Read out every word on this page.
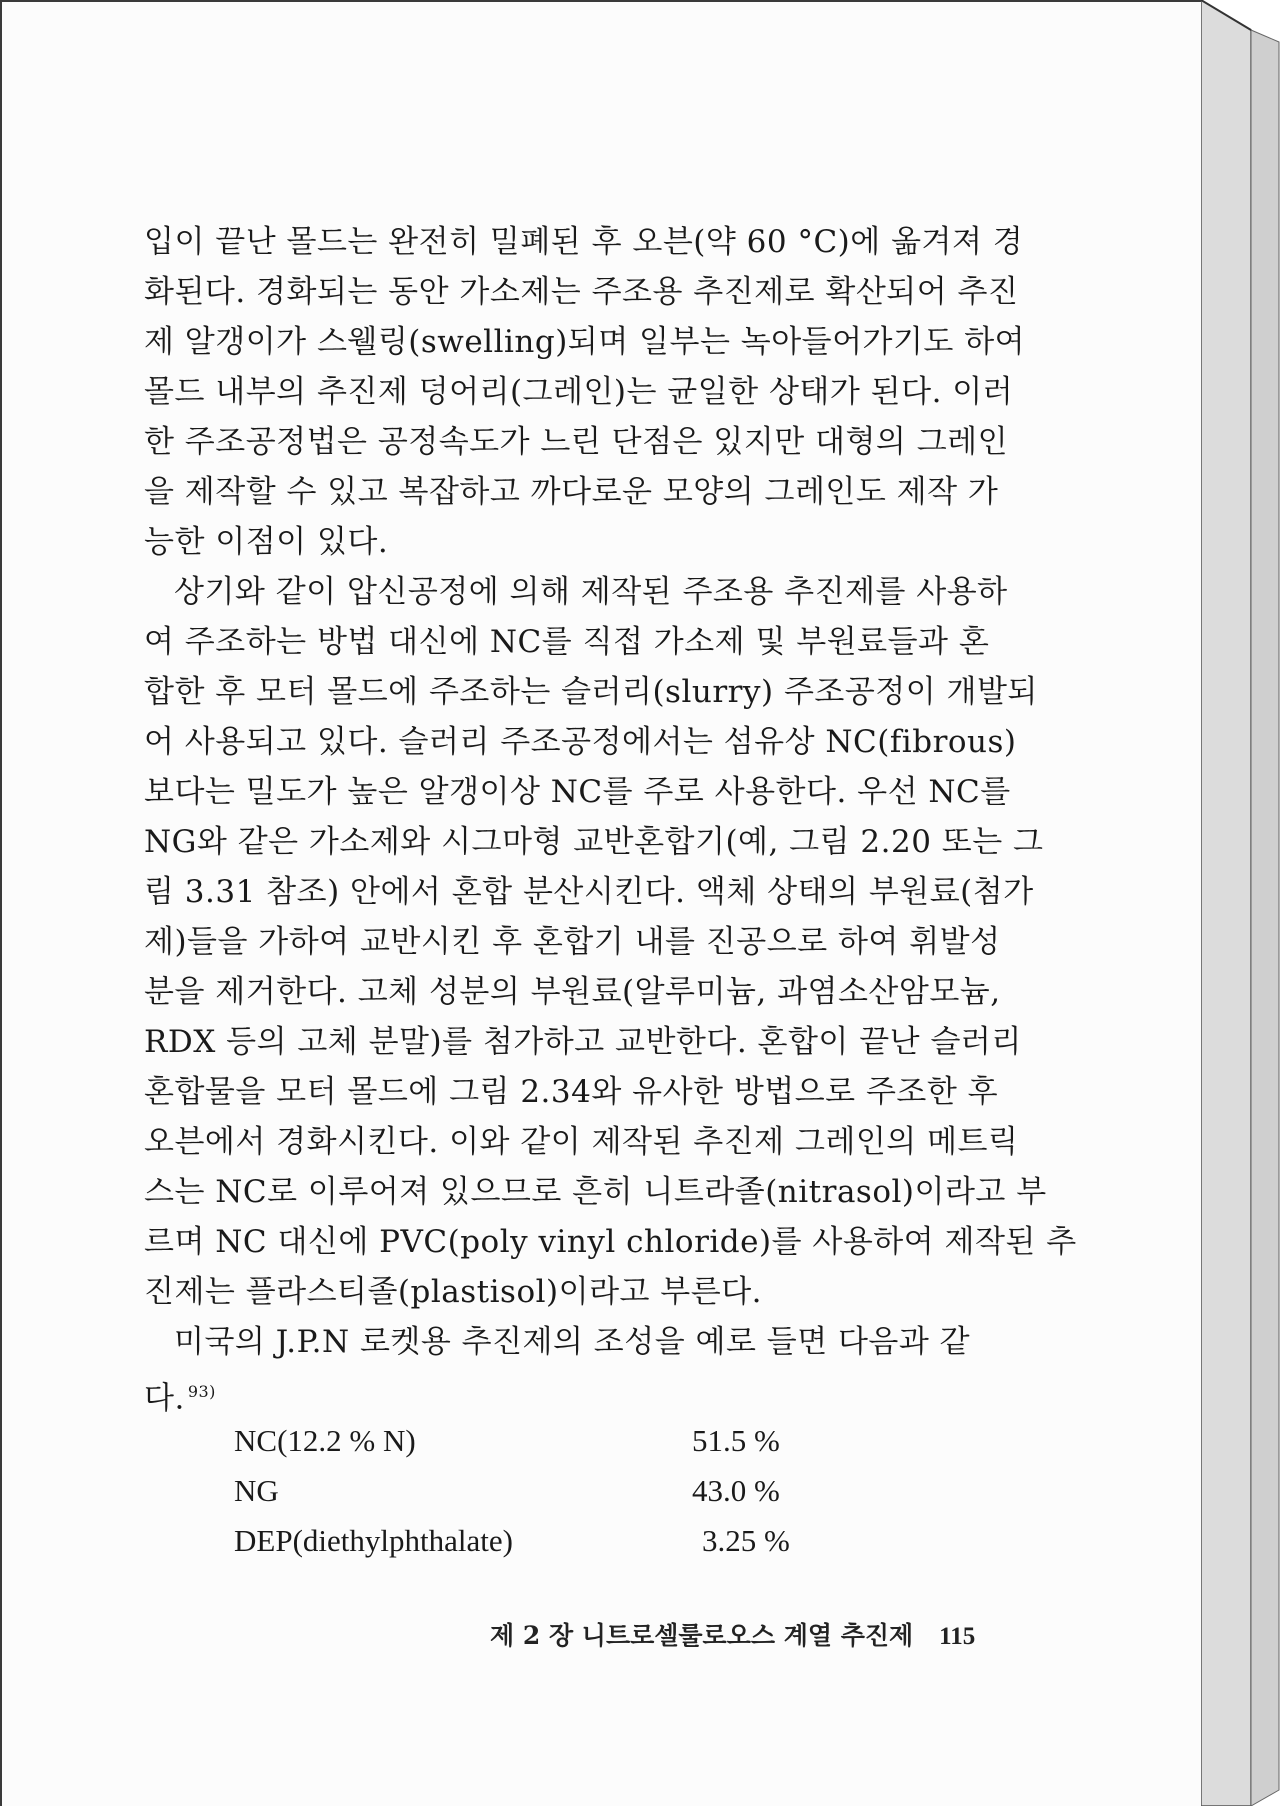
입이 끝난 몰드는 완전히 밀폐된 후 오븐(약 60 °C)에 옮겨져 경
화된다. 경화되는 동안 가소제는 주조용 추진제로 확산되어 추진
제 알갱이가 스웰링(swelling)되며 일부는 녹아들어가기도 하여
몰드 내부의 추진제 덩어리(그레인)는 균일한 상태가 된다. 이러
한 주조공정법은 공정속도가 느린 단점은 있지만 대형의 그레인
을 제작할 수 있고 복잡하고 까다로운 모양의 그레인도 제작 가
능한 이점이 있다.
상기와 같이 압신공정에 의해 제작된 주조용 추진제를 사용하
여 주조하는 방법 대신에 NC를 직접 가소제 및 부원료들과 혼
합한 후 모터 몰드에 주조하는 슬러리(slurry) 주조공정이 개발되
어 사용되고 있다. 슬러리 주조공정에서는 섬유상 NC(fibrous)
보다는 밀도가 높은 알갱이상 NC를 주로 사용한다. 우선 NC를
NG와 같은 가소제와 시그마형 교반혼합기(예, 그림 2.20 또는 그
림 3.31 참조) 안에서 혼합 분산시킨다. 액체 상태의 부원료(첨가
제)들을 가하여 교반시킨 후 혼합기 내를 진공으로 하여 휘발성
분을 제거한다. 고체 성분의 부원료(알루미늄, 과염소산암모늄,
RDX 등의 고체 분말)를 첨가하고 교반한다. 혼합이 끝난 슬러리
혼합물을 모터 몰드에 그림 2.34와 유사한 방법으로 주조한 후
오븐에서 경화시킨다. 이와 같이 제작된 추진제 그레인의 메트릭
스는 NC로 이루어져 있으므로 흔히 니트라졸(nitrasol)이라고 부
르며 NC 대신에 PVC(poly vinyl chloride)를 사용하여 제작된 추
진제는 플라스티졸(plastisol)이라고 부른다.
미국의 J.P.N 로켓용 추진제의 조성을 예로 들면 다음과 같
다. $^{93)}$
NC(12.2 % N)	51.5 %
NG	43.0 %
DEP(diethylphthalate)	3.25 %
제 2 장 니트로셀룰로오스 계열 추진제 115
